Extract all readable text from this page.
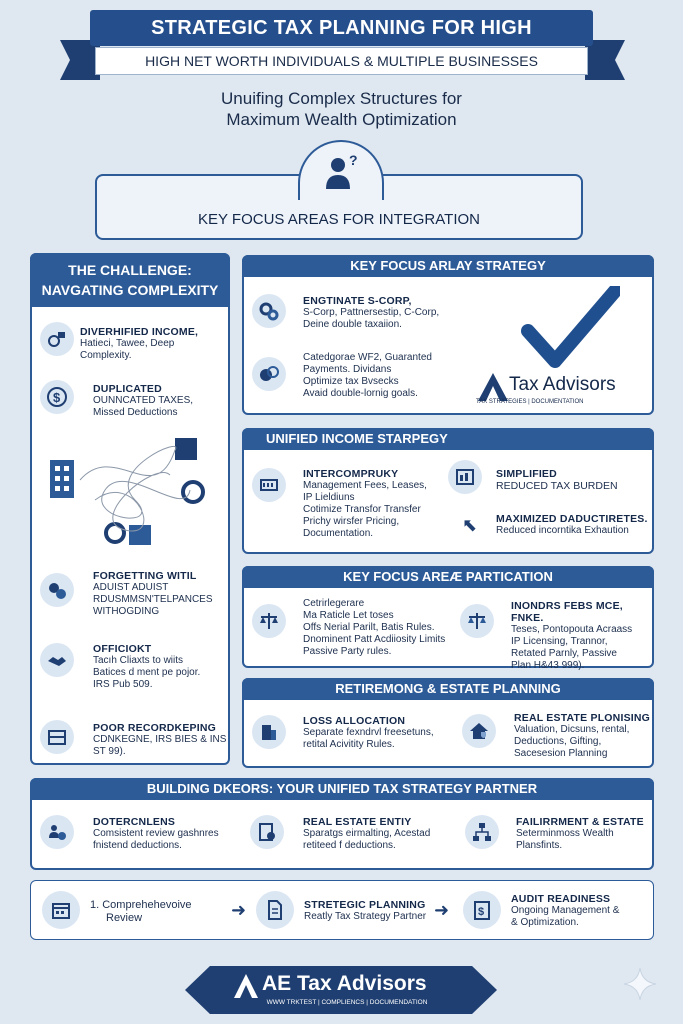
STRATEGIC TAX PLANNING FOR HIGH
HIGH NET WORTH INDIVIDUALS & MULTIPLE BUSINESSES
Unuifing Complex Structures for
Maximum Wealth Optimization
?
KEY FOCUS AREAS FOR INTEGRATION
THE CHALLENGE:
NAVGATING COMPLEXITY
DIVERHIFIED INCOME,
Hatieci, Tawee, Deep
Complexity.
$
DUPLICATED
OUNNCATED TAXES,
Missed Deductions
FORGETTING WITIL
ADUIST ADUIST
RDUSMMSN'TELPANCES
WITHOGDING
OFFICIOKT
Tacıh Cliaxts to wiits
Batices d ment pe pojor.
IRS Pub 509.
POOR RECORDKEPING
CDNKEGNE, IRS BIES & INS
ST 99).
KEY FOCUS ARLAY STRATEGY
ENGTINATE S-CORP,
S-Corp, Pattnersestip, C-Corp,
Deine double taxaiion.
Catedgorae WF2, Guaranted
Payments. Dividans
Optimize tax Bvsecks
Avaid double-lornig goals.	Tax Advisors
TAX STRATEGIES | DOCUMENTATION
UNIFIED INCOME STARPEGY
INTERCOMPRUKY
Management Fees, Leases,
IP Lieldiuns
Cotimize Transfor Transfer
Prichy wirsfer Pricing,
Documentation.
SIMPLIFIED
REDUCED TAX BURDEN
⬉ MAXIMIZED DADUCTIRETES.
Reduced incorntika Exhaution
KEY FOCUS AREÆ PARTICATION
Cetrirlegerare
Ma Raticle Let toses
Offs Nerial Parilt, Batis Rules.
Dnominent Patt Acdiiosity Limits
Passive Party rules.
INONDRS FEBS MCE, FNKE.
Teses, Pontopouta Acraass
IP Licensing, Trannor,
Retated Parnly, Passive
Plan H&43 999).
RETIREMONG & ESTATE PLANNING
LOSS ALLOCATION
Separate fexndrvl freesetuns,
retital Acivitity Rules.
REAL ESTATE PLONISING
Valuation, Dicsuns, rental,
Deductions, Gifting,
Sacesesion Planning
BUILDING DKEORS: YOUR UNIFIED TAX STRATEGY PARTNER
DOTERCNLENS
Comsistent review gashnres
fnistend deductions.
REAL ESTATE ENTIY
Sparatgs eirmalting, Acestad
retiteed f deductions.
FAILIRRMENT & ESTATE
Seterminmoss Wealth
Plansfints.
1. Comprehehevoive
Review	➜	STRETEGIC PLANNING
Reatly Tax Strategy Partner ➜	$
AUDIT READINESS
Ongoing Management &
& Optimization.
AE Tax Advisors
WWW TRKTEST | COMPLIENCS | DOCUMENDATION
